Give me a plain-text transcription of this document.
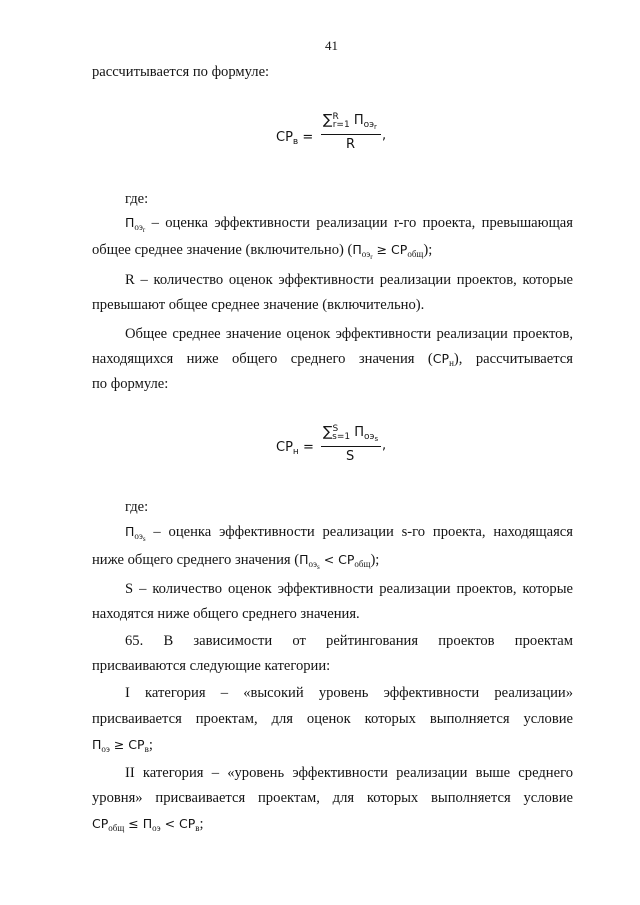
41
рассчитывается по формуле:
$CP_в$ =
∑$^R_{r=1}$ $П_{оэ_r}$
R
,
где:
$П_{оэ_r}$ – оценка эффективности реализации r-го проекта, превышающая
общее среднее значение (включительно) $(П_{оэ_r} \ge CP_{общ})$;
R – количество оценок эффективности реализации проектов, которые
превышают общее среднее значение (включительно).
Общее среднее значение оценок эффективности реализации проектов,
находящихся ниже общего среднего значения $(CP_н)$, рассчитывается
по формуле:
$CP_н$ =
∑$^S_{s=1}$ $П_{оэ_s}$
S
,
где:
$П_{оэ_s}$ – оценка эффективности реализации s-го проекта, находящаяся
ниже общего среднего значения $(П_{оэ_s} < CP_{общ})$;
S – количество оценок эффективности реализации проектов, которые
находятся ниже общего среднего значения.
65. В зависимости от рейтингования проектов проектам
присваиваются следующие категории:
I категория – «высокий уровень эффективности реализации»
присваивается проектам, для оценок которых выполняется условие
$П_{оэ} \ge CP_в$;
II категория – «уровень эффективности реализации выше среднего
уровня» присваивается проектам, для которых выполняется условие
$CP_{общ} \le П_{оэ} < CP_в$;
